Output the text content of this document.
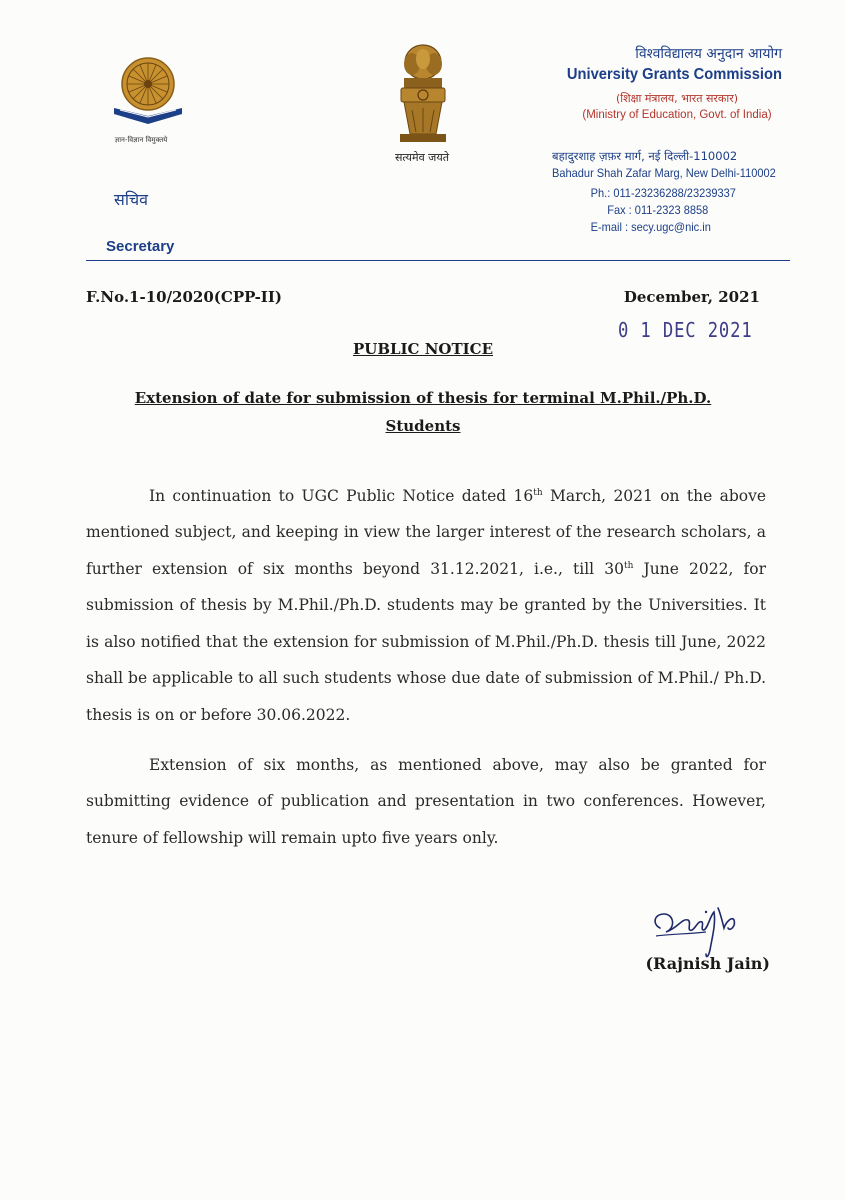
ज्ञान-विज्ञान विमुक्तये
सचिव
Secretary
सत्यमेव जयते
विश्वविद्यालय अनुदान आयोग
University Grants Commission
(शिक्षा मंत्रालय, भारत सरकार)
(Ministry of Education, Govt. of India)
बहादुरशाह ज़फ़र मार्ग, नई दिल्ली-110002
Bahadur Shah Zafar Marg, New Delhi-110002
Ph.: 011-23236288/23239337
Fax : 011-2323 8858
E-mail : secy.ugc@nic.in
F.No.1-10/2020(CPP-II)	December, 2021
0 1 DEC 2021
PUBLIC NOTICE
Extension of date for submission of thesis for terminal M.Phil./Ph.D. Students

In continuation to UGC Public Notice dated 16th March, 2021 on the above mentioned subject, and keeping in view the larger interest of the research scholars, a further extension of six months beyond 31.12.2021, i.e., till 30th June 2022, for submission of thesis by M.Phil./Ph.D. students may be granted by the Universities. It is also notified that the extension for submission of M.Phil./Ph.D. thesis till June, 2022 shall be applicable to all such students whose due date of submission of M.Phil./ Ph.D. thesis is on or before 30.06.2022.

Extension of six months, as mentioned above, may also be granted for submitting evidence of publication and presentation in two conferences. However, tenure of fellowship will remain upto five years only.

(Rajnish Jain)
